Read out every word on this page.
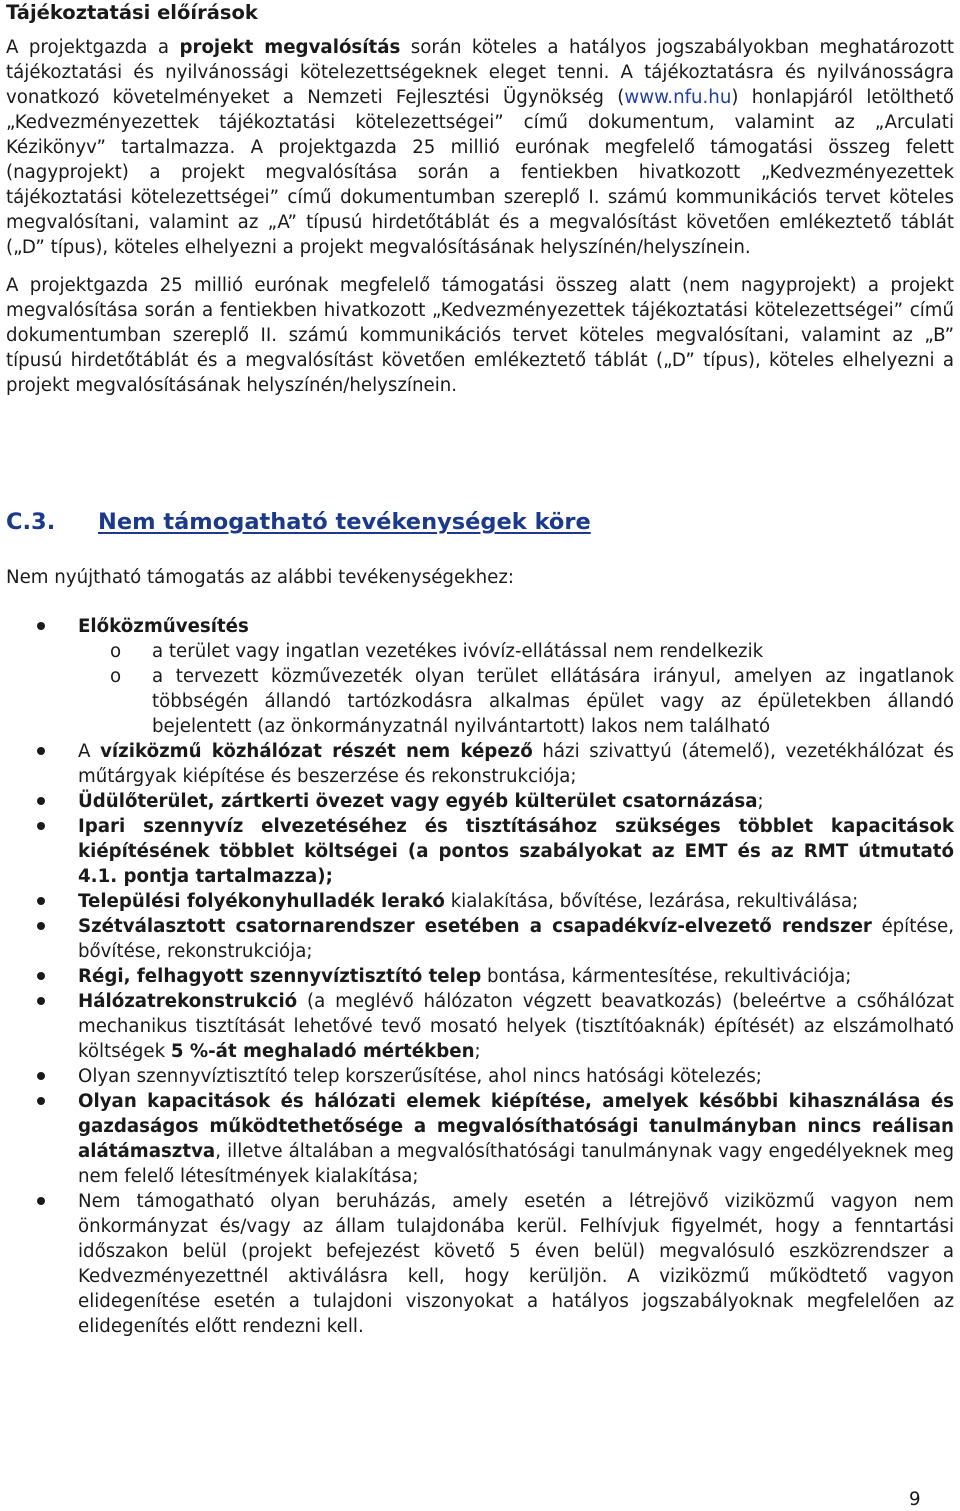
Tájékoztatási előírások

A projektgazda a projekt megvalósítás során köteles a hatályos jogszabályokban meghatározott tájékoztatási és nyilvánossági kötelezettségeknek eleget tenni. A tájékoztatásra és nyilvánosságra vonatkozó követelményeket a Nemzeti Fejlesztési Ügynökség (www.nfu.hu) honlapjáról letölthető „Kedvezményezettek tájékoztatási kötelezettségei” című dokumentum, valamint az „Arculati Kézikönyv” tartalmazza. A projektgazda 25 millió eurónak megfelelő támogatási összeg felett (nagyprojekt) a projekt megvalósítása során a fentiekben hivatkozott „Kedvezményezettek tájékoztatási kötelezettségei” című dokumentumban szereplő I. számú kommunikációs tervet köteles megvalósítani, valamint az „A” típusú hirdetőtáblát és a megvalósítást követően emlékeztető táblát („D” típus), köteles elhelyezni a projekt megvalósításának helyszínén/helyszínein.

A projektgazda 25 millió eurónak megfelelő támogatási összeg alatt (nem nagyprojekt) a projekt megvalósítása során a fentiekben hivatkozott „Kedvezményezettek tájékoztatási kötelezettségei” című dokumentumban szereplő II. számú kommunikációs tervet köteles megvalósítani, valamint az „B” típusú hirdetőtáblát és a megvalósítást követően emlékeztető táblát („D” típus), köteles elhelyezni a projekt megvalósításának helyszínén/helyszínein.

C.3. Nem támogatható tevékenységek köre
Nem nyújtható támogatás az alábbi tevékenységekhez:
Előközművesítés
o a terület vagy ingatlan vezetékes ivóvíz-ellátással nem rendelkezik
o a tervezett közművezeték olyan terület ellátására irányul, amelyen az ingatlanok többségén állandó tartózkodásra alkalmas épület vagy az épületekben állandó bejelentett (az önkormányzatnál nyilvántartott) lakos nem található
A víziközmű közhálózat részét nem képező házi szivattyú (átemelő), vezetékhálózat és műtárgyak kiépítése és beszerzése és rekonstrukciója;
Üdülőterület, zártkerti övezet vagy egyéb külterület csatornázása;
Ipari szennyvíz elvezetéséhez és tisztításához szükséges többlet kapacitások kiépítésének többlet költségei (a pontos szabályokat az EMT és az RMT útmutató 4.1. pontja tartalmazza);
Települési folyékonyhulladék lerakó kialakítása, bővítése, lezárása, rekultiválása;
Szétválasztott csatornarendszer esetében a csapadékvíz-elvezető rendszer építése, bővítése, rekonstrukciója;
Régi, felhagyott szennyvíztisztító telep bontása, kármentesítése, rekultivációja;
Hálózatrekonstrukció (a meglévő hálózaton végzett beavatkozás) (beleértve a csőhálózat mechanikus tisztítását lehetővé tevő mosató helyek (tisztítóaknák) építését) az elszámolható költségek 5 %-át meghaladó mértékben;
Olyan szennyvíztisztító telep korszerűsítése, ahol nincs hatósági kötelezés;
Olyan kapacitások és hálózati elemek kiépítése, amelyek későbbi kihasználása és gazdaságos működtethetősége a megvalósíthatósági tanulmányban nincs reálisan alátámasztva, illetve általában a megvalósíthatósági tanulmánynak vagy engedélyeknek meg nem felelő létesítmények kialakítása;
Nem támogatható olyan beruházás, amely esetén a létrejövő viziközmű vagyon nem önkormányzat és/vagy az állam tulajdonába kerül. Felhívjuk figyelmét, hogy a fenntartási időszakon belül (projekt befejezést követő 5 éven belül) megvalósuló eszközrendszer a Kedvezményezettnél aktiválásra kell, hogy kerüljön. A viziközmű működtető vagyon elidegenítése esetén a tulajdoni viszonyokat a hatályos jogszabályoknak megfelelően az elidegenítés előtt rendezni kell.
9
